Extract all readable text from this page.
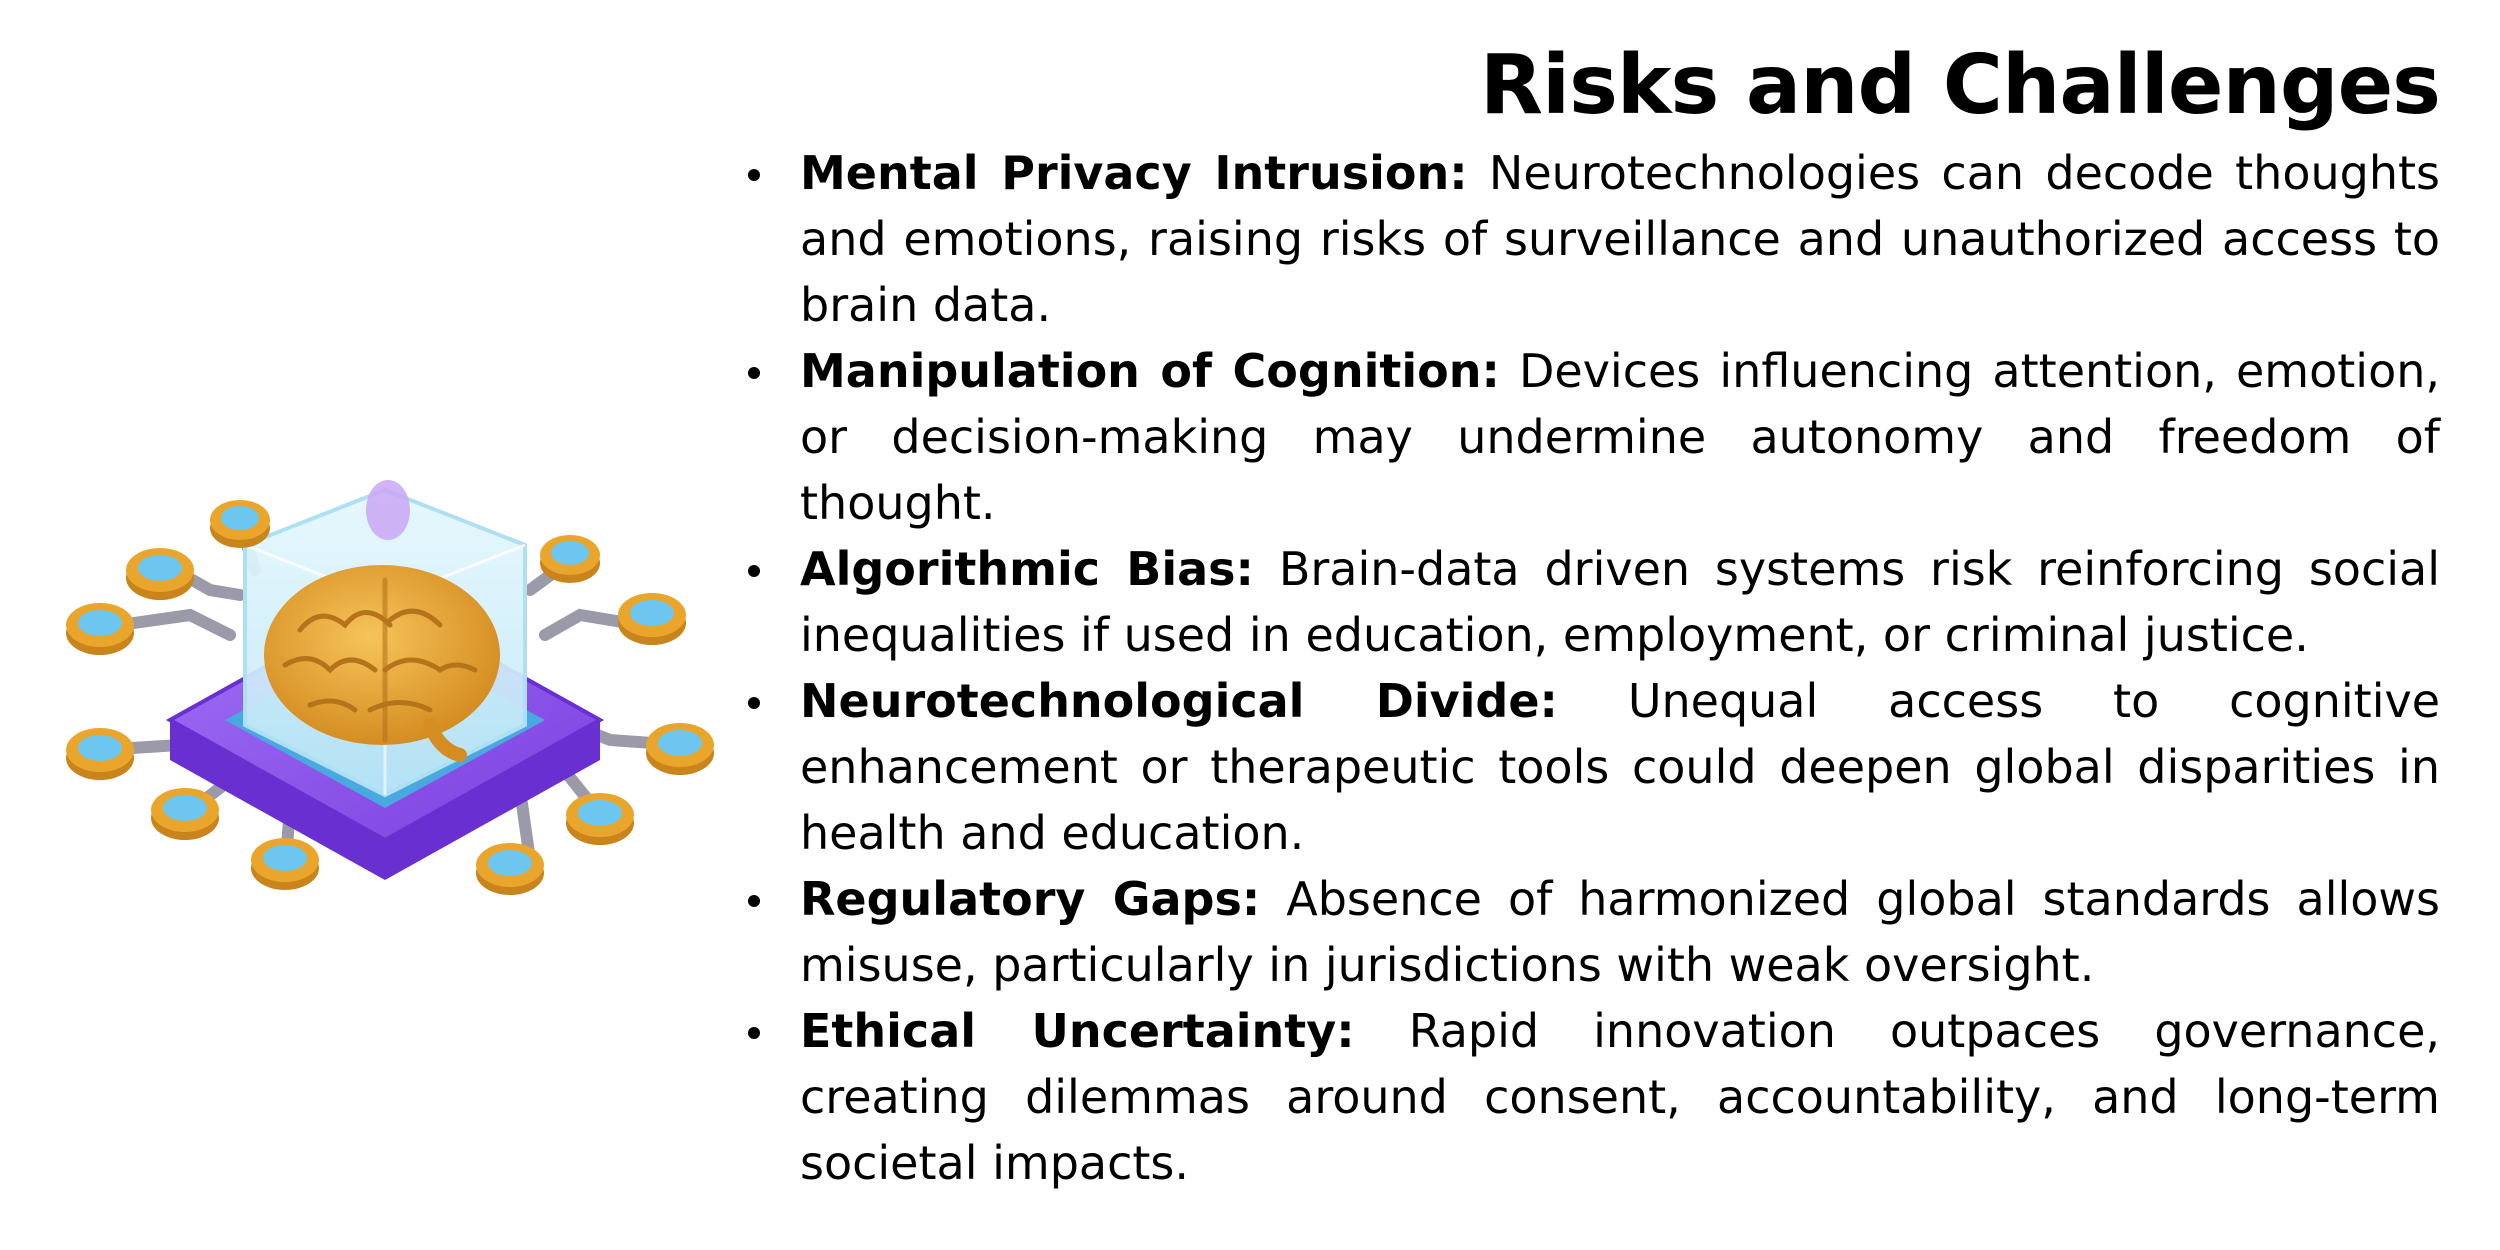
Risks and Challenges
Mental Privacy Intrusion: Neurotechnologies can decode thoughts and emotions, raising risks of surveillance and unauthorized access to brain data.
Manipulation of Cognition: Devices influencing attention, emotion, or decision-making may undermine autonomy and freedom of thought.
Algorithmic Bias: Brain-data driven systems risk reinforcing social inequalities if used in education, employment, or criminal justice.
Neurotechnological Divide: Unequal access to cognitive enhancement or therapeutic tools could deepen global disparities in health and education.
Regulatory Gaps: Absence of harmonized global standards allows misuse, particularly in jurisdictions with weak oversight.
Ethical Uncertainty: Rapid innovation outpaces governance, creating dilemmas around consent, accountability, and long-term societal impacts.
